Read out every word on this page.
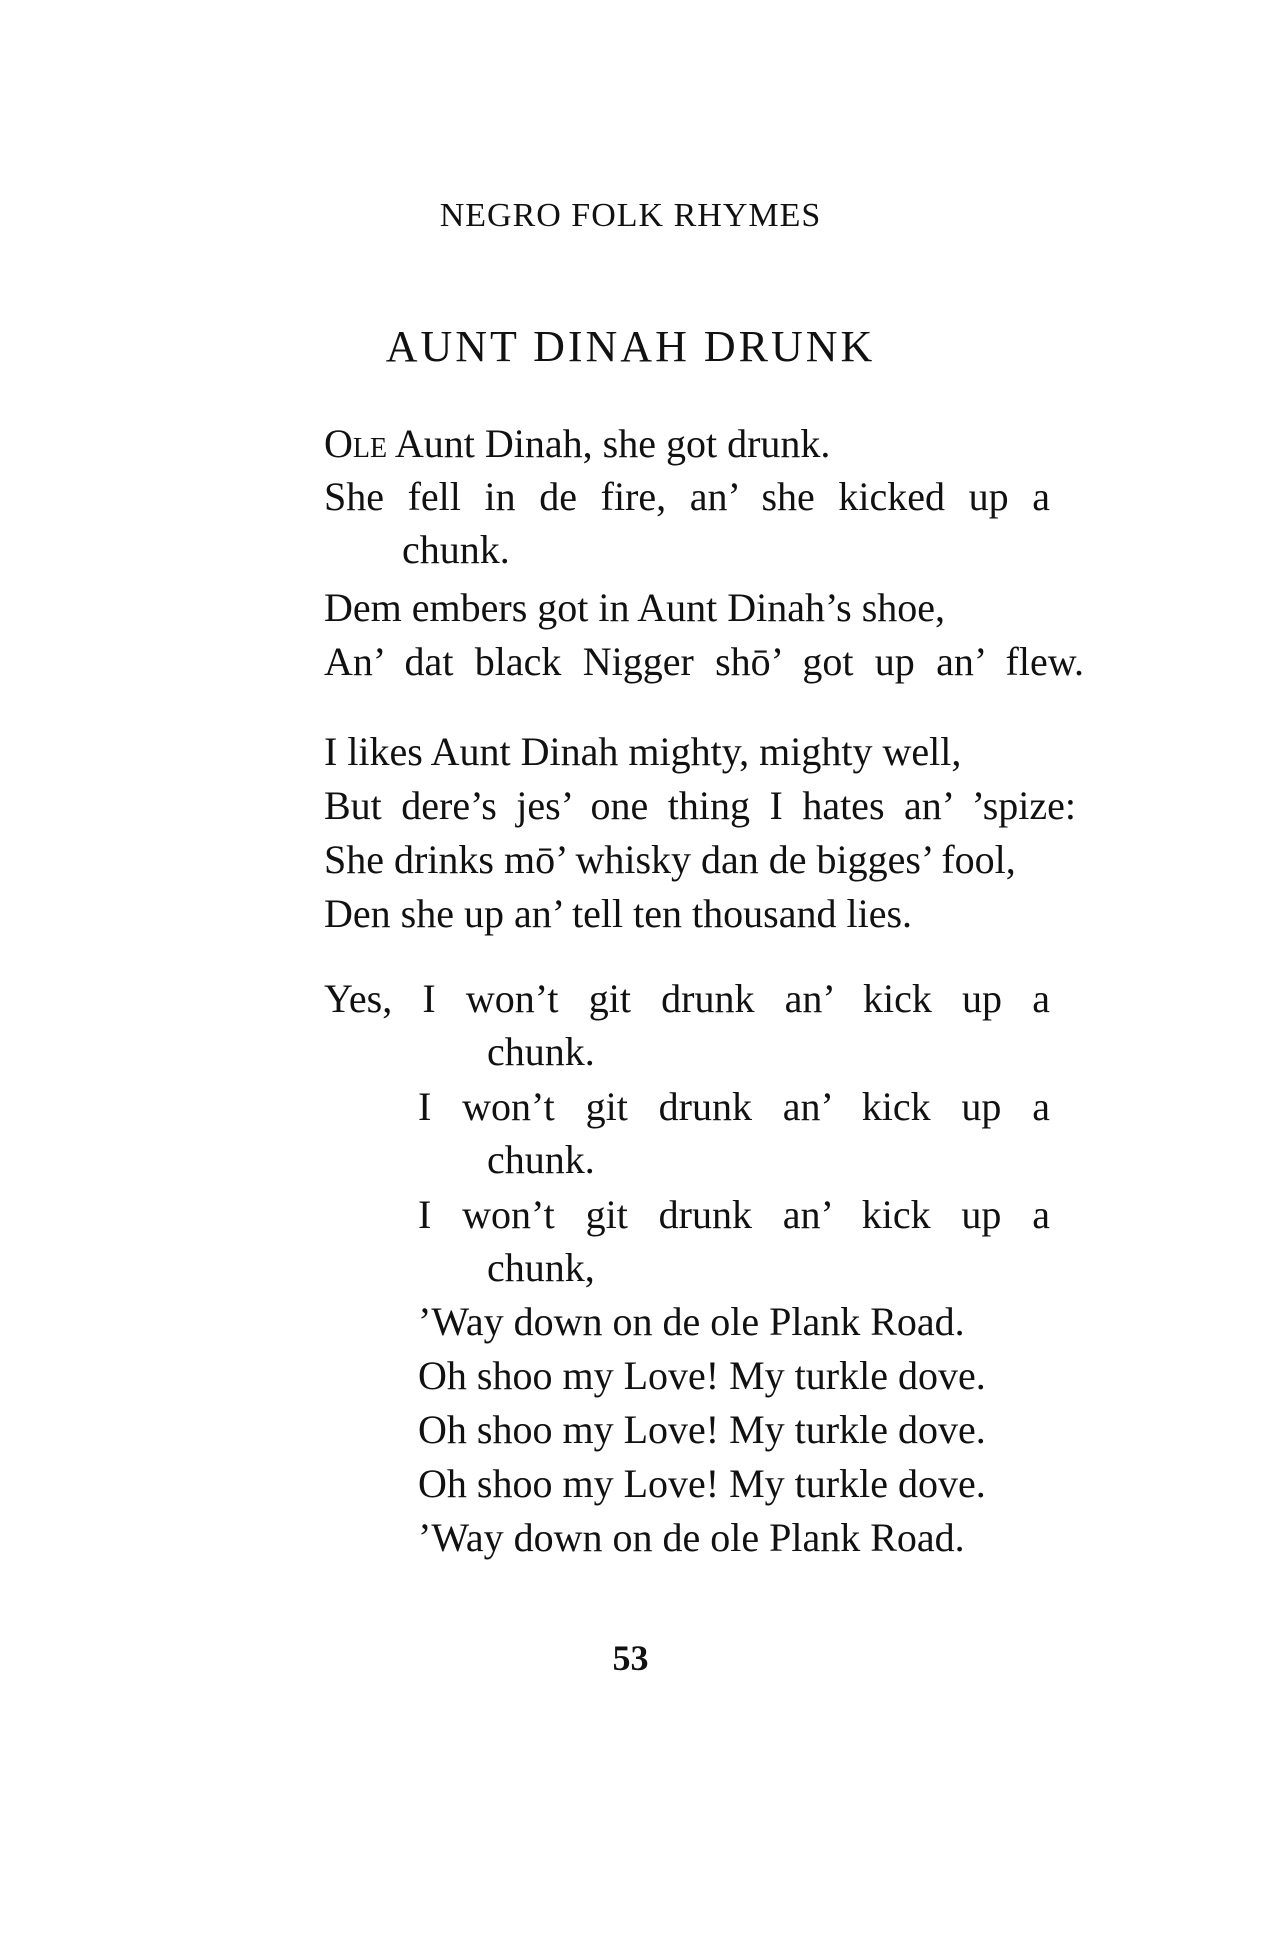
NEGRO FOLK RHYMES
AUNT DINAH DRUNK
Ole Aunt Dinah, she got drunk.
She fell in de fire, an’ she kicked up a
chunk.
Dem embers got in Aunt Dinah’s shoe,
An’ dat black Nigger shō’ got up an’ flew.
I likes Aunt Dinah mighty, mighty well,
But dere’s jes’ one thing I hates an’ ’spize:
She drinks mō’ whisky dan de bigges’ fool,
Den she up an’ tell ten thousand lies.
Yes, I won’t git drunk an’ kick up a
chunk.
I won’t git drunk an’ kick up a
chunk.
I won’t git drunk an’ kick up a
chunk,
’Way down on de ole Plank Road.
Oh shoo my Love! My turkle dove.
Oh shoo my Love! My turkle dove.
Oh shoo my Love! My turkle dove.
’Way down on de ole Plank Road.
53
